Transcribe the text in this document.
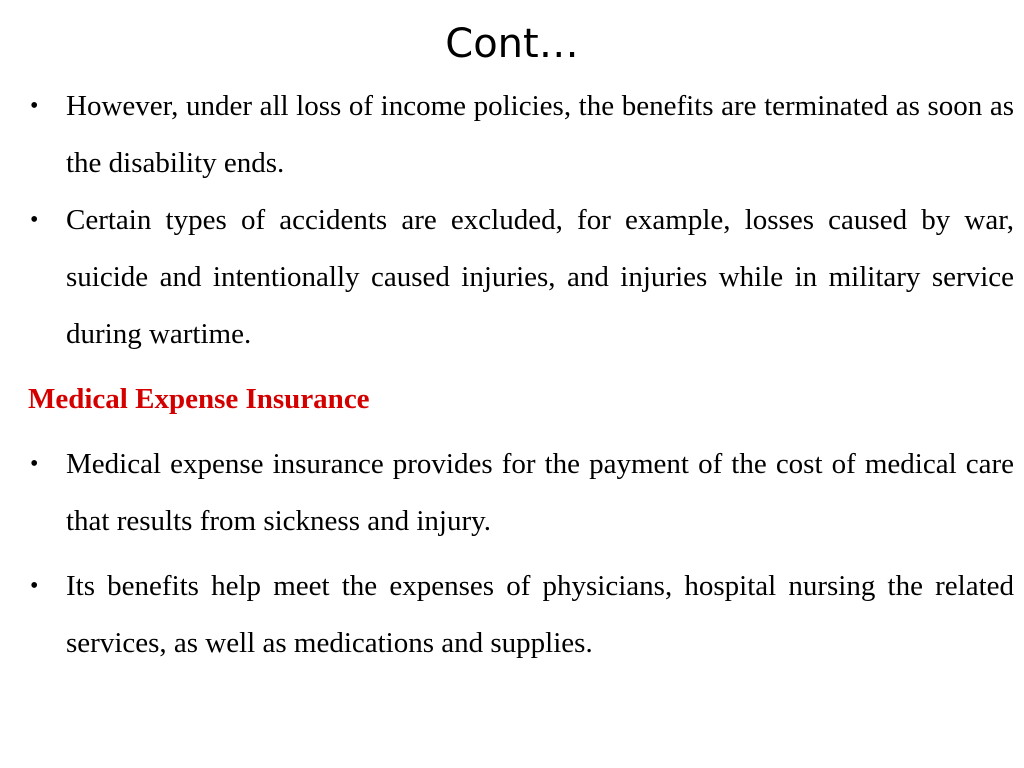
Cont…

• However, under all loss of income policies, the benefits are terminated as soon as the disability ends.

• Certain types of accidents are excluded, for example, losses caused by war, suicide and intentionally caused injuries, and injuries while in military service during wartime.

Medical Expense Insurance

• Medical expense insurance provides for the payment of the cost of medical care that results from sickness and injury.

• Its benefits help meet the expenses of physicians, hospital nursing the related services, as well as medications and supplies.
